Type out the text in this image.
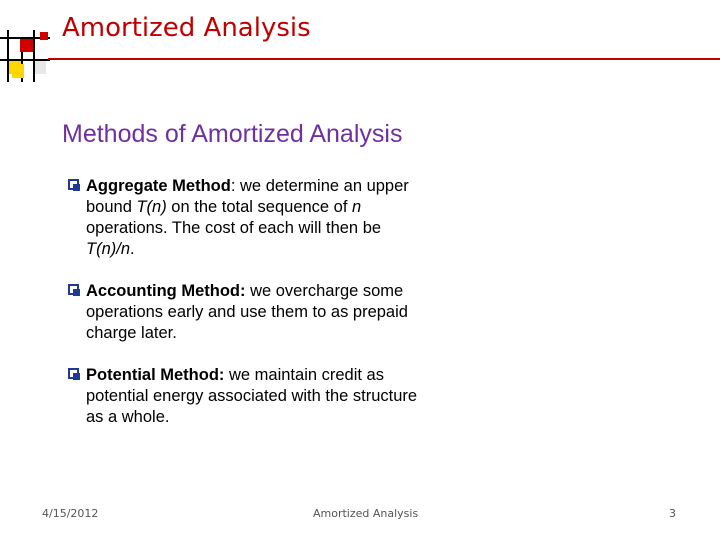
Amortized Analysis
Methods of Amortized Analysis
Aggregate Method: we determine an upper bound T(n) on the total sequence of n operations. The cost of each will then be T(n)/n.
Accounting Method: we overcharge some operations early and use them to as prepaid charge later.
Potential Method: we maintain credit as potential energy associated with the structure as a whole.
4/15/2012	Amortized Analysis	3
